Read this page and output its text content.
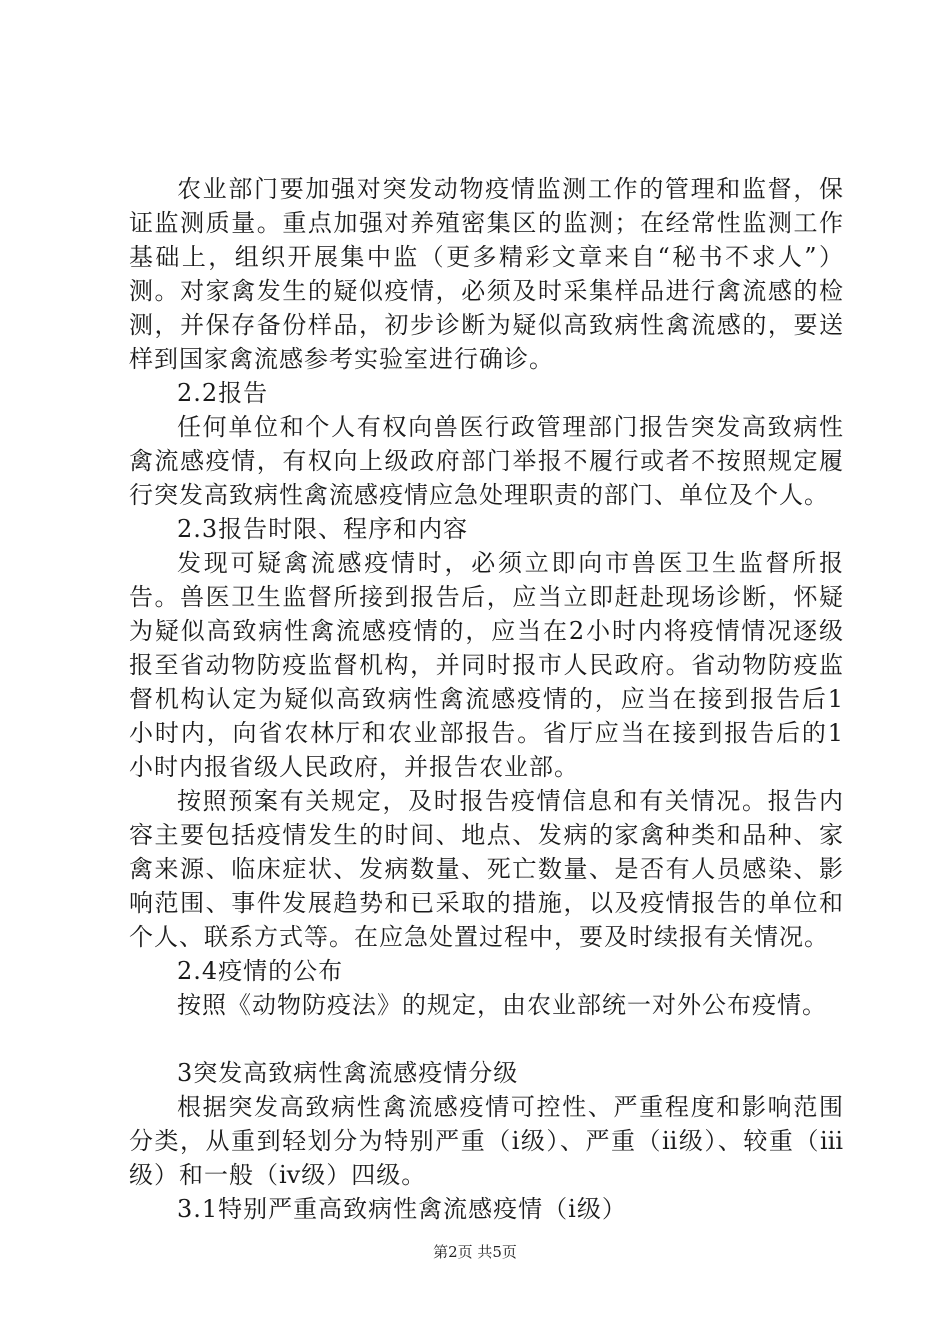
农业部门要加强对突发动物疫情监测工作的管理和监督，保证监测质量。重点加强对养殖密集区的监测；在经常性监测工作基础上，组织开展集中监（更多精彩文章来自“秘书不求人”）测。对家禽发生的疑似疫情，必须及时采集样品进行禽流感的检测，并保存备份样品，初步诊断为疑似高致病性禽流感的，要送样到国家禽流感参考实验室进行确诊。

2.2报告

任何单位和个人有权向兽医行政管理部门报告突发高致病性禽流感疫情，有权向上级政府部门举报不履行或者不按照规定履行突发高致病性禽流感疫情应急处理职责的部门、单位及个人。

2.3报告时限、程序和内容

发现可疑禽流感疫情时，必须立即向市兽医卫生监督所报告。兽医卫生监督所接到报告后，应当立即赶赴现场诊断，怀疑为疑似高致病性禽流感疫情的，应当在2小时内将疫情情况逐级报至省动物防疫监督机构，并同时报市人民政府。省动物防疫监督机构认定为疑似高致病性禽流感疫情的，应当在接到报告后1小时内，向省农林厅和农业部报告。省厅应当在接到报告后的1小时内报省级人民政府，并报告农业部。

按照预案有关规定，及时报告疫情信息和有关情况。报告内容主要包括疫情发生的时间、地点、发病的家禽种类和品种、家禽来源、临床症状、发病数量、死亡数量、是否有人员感染、影响范围、事件发展趋势和已采取的措施，以及疫情报告的单位和个人、联系方式等。在应急处置过程中，要及时续报有关情况。

2.4疫情的公布

按照《动物防疫法》的规定，由农业部统一对外公布疫情。

3突发高致病性禽流感疫情分级

根据突发高致病性禽流感疫情可控性、严重程度和影响范围分类，从重到轻划分为特别严重（ⅰ级）、严重（ⅱ级）、较重（ⅲ级）和一般（ⅳ级）四级。

3.1特别严重高致病性禽流感疫情（ⅰ级）

第2页 共5页
